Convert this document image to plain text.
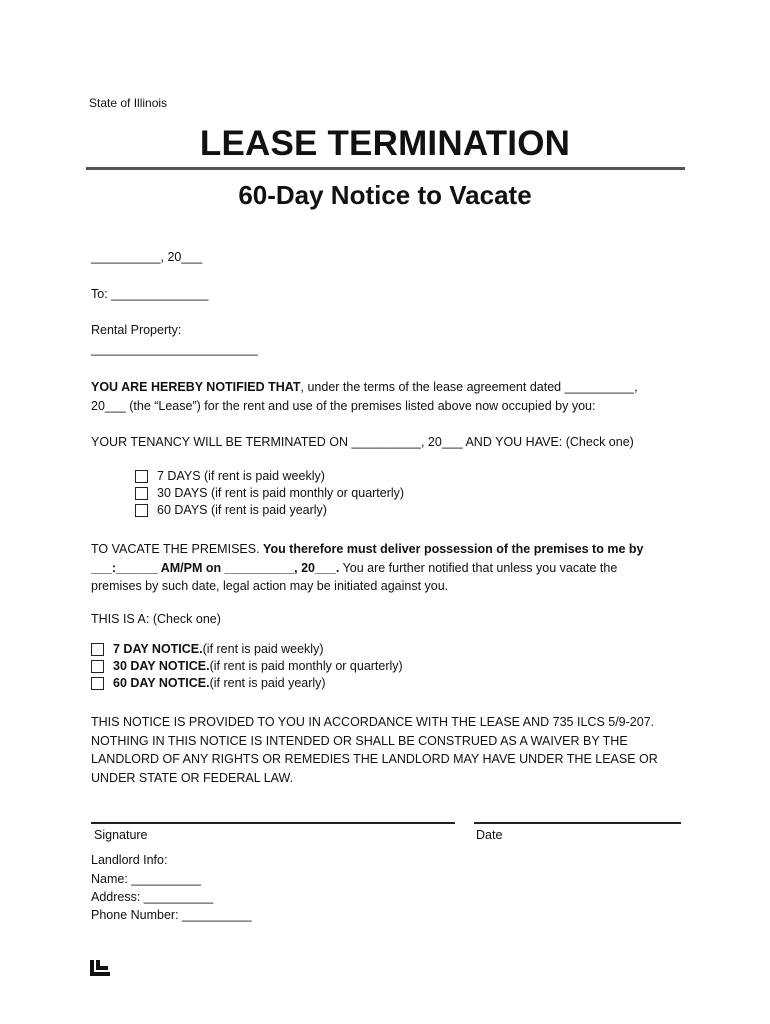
State of Illinois
LEASE TERMINATION
60-Day Notice to Vacate
__________, 20___
To: ______________
Rental Property:
________________________
YOU ARE HEREBY NOTIFIED THAT, under the terms of the lease agreement dated __________,
20___ (the “Lease”) for the rent and use of the premises listed above now occupied by you:
YOUR TENANCY WILL BE TERMINATED ON __________, 20___ AND YOU HAVE: (Check one)
7 DAYS (if rent is paid weekly)
30 DAYS (if rent is paid monthly or quarterly)
60 DAYS (if rent is paid yearly)
TO VACATE THE PREMISES. You therefore must deliver possession of the premises to me by
___:______ AM/PM on __________, 20___. You are further notified that unless you vacate the
premises by such date, legal action may be initiated against you.
THIS IS A: (Check one)
7 DAY NOTICE. (if rent is paid weekly)
30 DAY NOTICE. (if rent is paid monthly or quarterly)
60 DAY NOTICE. (if rent is paid yearly)
THIS NOTICE IS PROVIDED TO YOU IN ACCORDANCE WITH THE LEASE AND 735 ILCS 5/9-207.
NOTHING IN THIS NOTICE IS INTENDED OR SHALL BE CONSTRUED AS A WAIVER BY THE
LANDLORD OF ANY RIGHTS OR REMEDIES THE LANDLORD MAY HAVE UNDER THE LEASE OR
UNDER STATE OR FEDERAL LAW.
Signature	Date
Landlord Info:
Name: __________
Address: __________
Phone Number: __________
